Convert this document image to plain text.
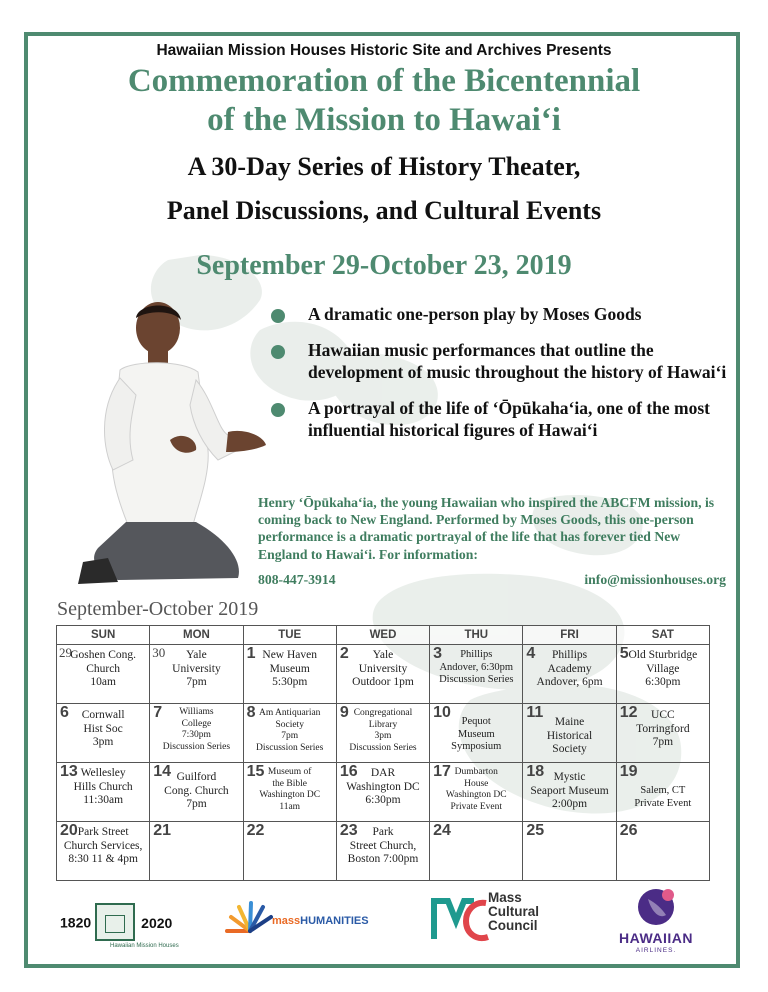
Hawaiian Mission Houses Historic Site and Archives Presents
Commemoration of the Bicentennial
of the Mission to Hawai‘i
A 30-Day Series of History Theater,
Panel Discussions, and Cultural Events
September 29-October 23, 2019
A dramatic one-person play by Moses Goods
Hawaiian music performances that outline the development of music throughout the history of Hawai‘i
A portrayal of the life of ‘Ōpūkaha‘ia, one of the most influential historical figures of Hawai‘i
Henry ‘Ōpūkaha‘ia, the young Hawaiian who inspired the ABCFM mission, is coming back to New England. Performed by Moses Goods, this one-person performance is a dramatic portrayal of the life that has forever tied New England to Hawai‘i. For information:
808-447-3914	info@missionhouses.org
September-October 2019
SUN	MON	TUE	WED	THU	FRI	SAT

29
Goshen Cong.
Church
10am	30 Yale
University
7pm	1 New Haven
Museum
5:30pm	2 Yale
University
Outdoor 1pm	3 Phillips
Andover, 6:30pm
Discussion Series	4 Phillips
Academy
Andover, 6pm	5 Old Sturbridge
Village
6:30pm

6 Cornwall
Hist Soc
3pm	7 Williams
College
7:30pm
Discussion Series	8 Am Antiquarian
Society
7pm
Discussion Series	9 Congregational
Library
3pm
Discussion Series	10
Pequot
Museum
Symposium	11
Maine
Historical
Society	12 UCC
Torringford
7pm

13 Wellesley
Hills Church
11:30am	14 Guilford
Cong. Church
7pm	15 Museum of
the Bible
Washington DC
11am	16 DAR
Washington DC
6:30pm	17 Dumbarton
House
Washington DC
Private Event	18 Mystic
Seaport Museum
2:00pm	19
Salem, CT
Private Event

20 Park Street
Church Services,
8:30 11 & 4pm	21	22	23 Park
Street Church,
Boston 7:00pm	24	25	26
1820	2020
Hawaiian Mission Houses
massHUMANITIES
Mass
Cultural
Council
HAWAIIAN
AIRLINES.
